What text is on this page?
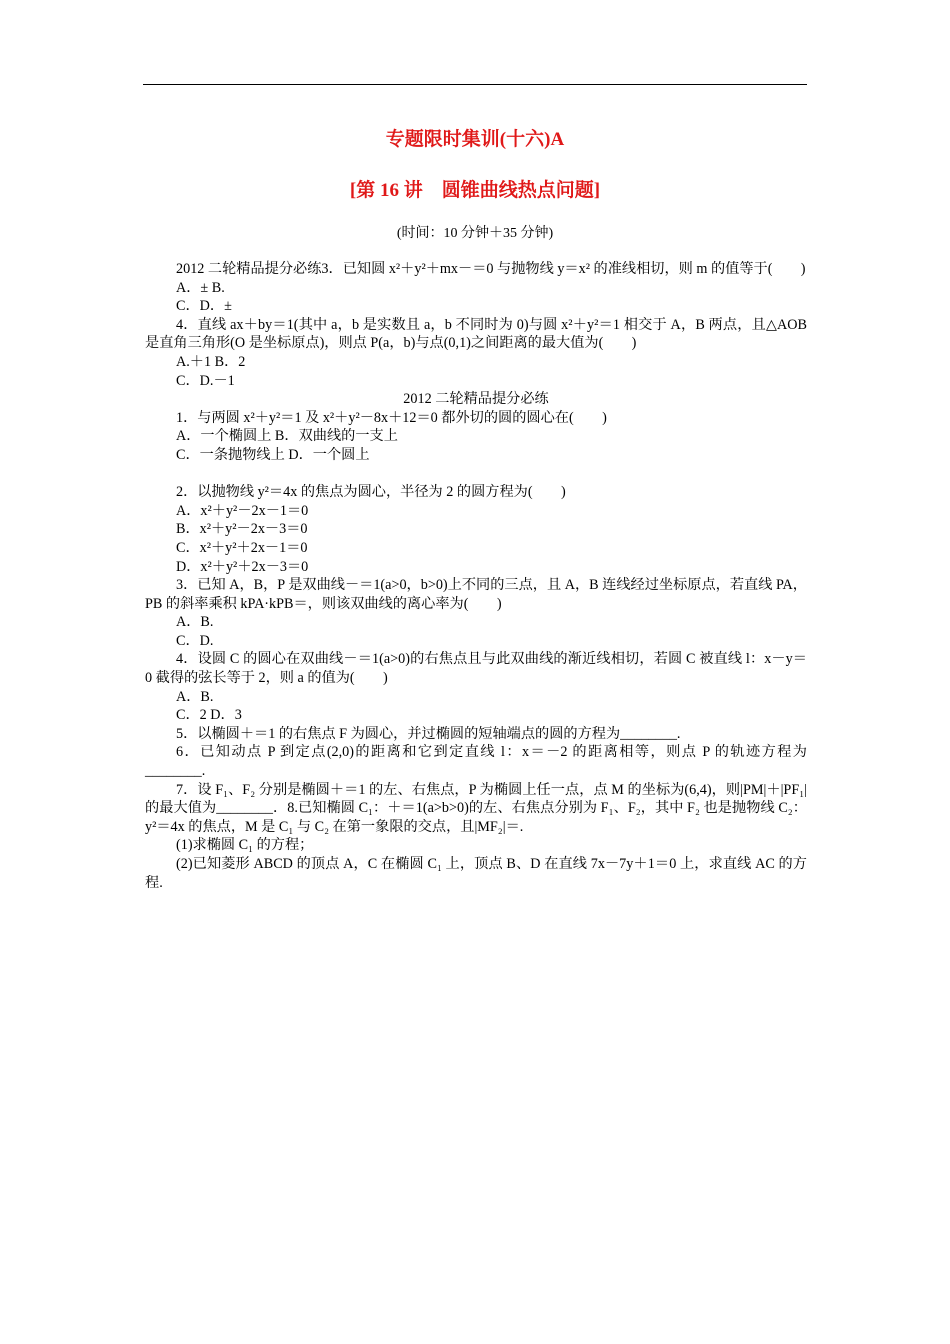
专题限时集训(十六)A
[第 16 讲　圆锥曲线热点问题]
(时间：10 分钟＋35 分钟)

2012 二轮精品提分必练3．已知圆 x²＋y²＋mx－＝0 与抛物线 y＝x² 的准线相切，则 m 的值等于(　　)

A．± B.

C．D．±

4．直线 ax＋by＝1(其中 a，b 是实数且 a，b 不同时为 0)与圆 x²＋y²＝1 相交于 A，B 两点，且△AOB 是直角三角形(O 是坐标原点)，则点 P(a，b)与点(0,1)之间距离的最大值为(　　)

A.＋1 B．2

C．D.－1

2012 二轮精品提分必练

1．与两圆 x²＋y²＝1 及 x²＋y²－8x＋12＝0 都外切的圆的圆心在(　　)

A．一个椭圆上 B．双曲线的一支上

C．一条抛物线上 D．一个圆上

2．以抛物线 y²＝4x 的焦点为圆心，半径为 2 的圆方程为(　　)

A．x²＋y²－2x－1＝0

B．x²＋y²－2x－3＝0

C．x²＋y²＋2x－1＝0

D．x²＋y²＋2x－3＝0

3．已知 A，B，P 是双曲线－＝1(a>0，b>0)上不同的三点，且 A，B 连线经过坐标原点，若直线 PA，PB 的斜率乘积 kPA·kPB＝，则该双曲线的离心率为(　　)

A．B.

C．D.

4．设圆 C 的圆心在双曲线－＝1(a>0)的右焦点且与此双曲线的渐近线相切，若圆 C 被直线 l：x－y＝0 截得的弦长等于 2，则 a 的值为(　　)

A．B.

C．2 D．3

5．以椭圆＋＝1 的右焦点 F 为圆心，并过椭圆的短轴端点的圆的方程为________.

6．已知动点 P 到定点(2,0)的距离和它到定直线 l：x＝－2 的距离相等，则点 P 的轨迹方程为________.

7．设 F₁、F₂ 分别是椭圆＋＝1 的左、右焦点，P 为椭圆上任一点，点 M 的坐标为(6,4)，则|PM|＋|PF₁|的最大值为________．8.已知椭圆 C₁：＋＝1(a>b>0)的左、右焦点分别为 F₁、F₂，其中 F₂ 也是抛物线 C₂：y²＝4x 的焦点，M 是 C₁ 与 C₂ 在第一象限的交点，且|MF₂|＝.

(1)求椭圆 C₁ 的方程；

(2)已知菱形 ABCD 的顶点 A，C 在椭圆 C₁ 上，顶点 B、D 在直线 7x－7y＋1＝0 上，求直线 AC 的方程.
